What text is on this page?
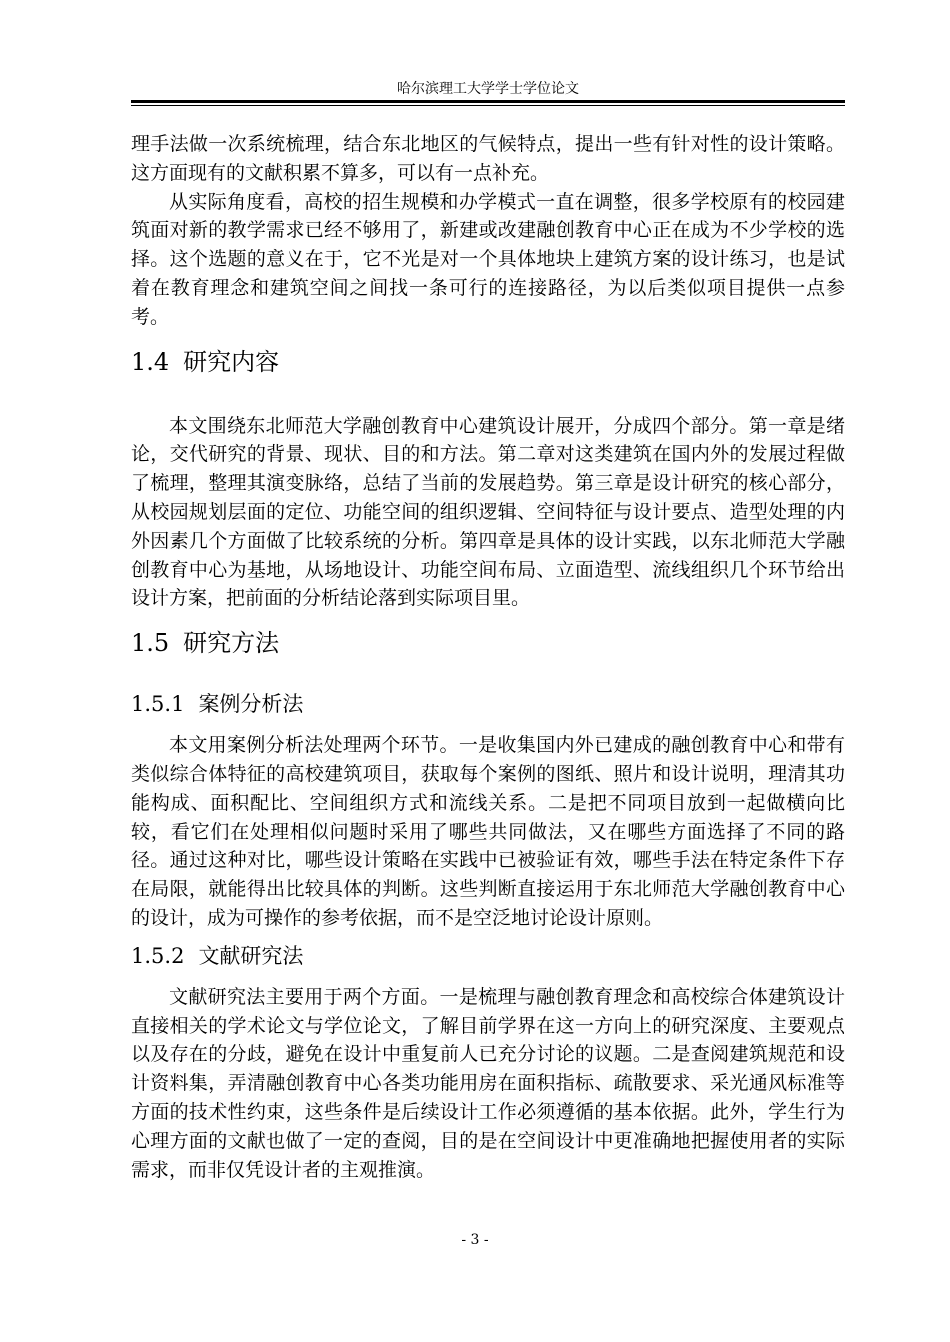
哈尔滨理工大学学士学位论文

理手法做一次系统梳理，结合东北地区的气候特点，提出一些有针对性的设计策略。这方面现有的文献积累不算多，可以有一点补充。

从实际角度看，高校的招生规模和办学模式一直在调整，很多学校原有的校园建筑面对新的教学需求已经不够用了，新建或改建融创教育中心正在成为不少学校的选择。这个选题的意义在于，它不光是对一个具体地块上建筑方案的设计练习，也是试着在教育理念和建筑空间之间找一条可行的连接路径，为以后类似项目提供一点参考。

1.4 研究内容

本文围绕东北师范大学融创教育中心建筑设计展开，分成四个部分。第一章是绪论，交代研究的背景、现状、目的和方法。第二章对这类建筑在国内外的发展过程做了梳理，整理其演变脉络，总结了当前的发展趋势。第三章是设计研究的核心部分，从校园规划层面的定位、功能空间的组织逻辑、空间特征与设计要点、造型处理的内外因素几个方面做了比较系统的分析。第四章是具体的设计实践，以东北师范大学融创教育中心为基地，从场地设计、功能空间布局、立面造型、流线组织几个环节给出设计方案，把前面的分析结论落到实际项目里。

1.5 研究方法
1.5.1 案例分析法

本文用案例分析法处理两个环节。一是收集国内外已建成的融创教育中心和带有类似综合体特征的高校建筑项目，获取每个案例的图纸、照片和设计说明，理清其功能构成、面积配比、空间组织方式和流线关系。二是把不同项目放到一起做横向比较，看它们在处理相似问题时采用了哪些共同做法，又在哪些方面选择了不同的路径。通过这种对比，哪些设计策略在实践中已被验证有效，哪些手法在特定条件下存在局限，就能得出比较具体的判断。这些判断直接运用于东北师范大学融创教育中心的设计，成为可操作的参考依据，而不是空泛地讨论设计原则。

1.5.2 文献研究法

文献研究法主要用于两个方面。一是梳理与融创教育理念和高校综合体建筑设计直接相关的学术论文与学位论文，了解目前学界在这一方向上的研究深度、主要观点以及存在的分歧，避免在设计中重复前人已充分讨论的议题。二是查阅建筑规范和设计资料集，弄清融创教育中心各类功能用房在面积指标、疏散要求、采光通风标准等方面的技术性约束，这些条件是后续设计工作必须遵循的基本依据。此外，学生行为心理方面的文献也做了一定的查阅，目的是在空间设计中更准确地把握使用者的实际需求，而非仅凭设计者的主观推演。

- 3 -
